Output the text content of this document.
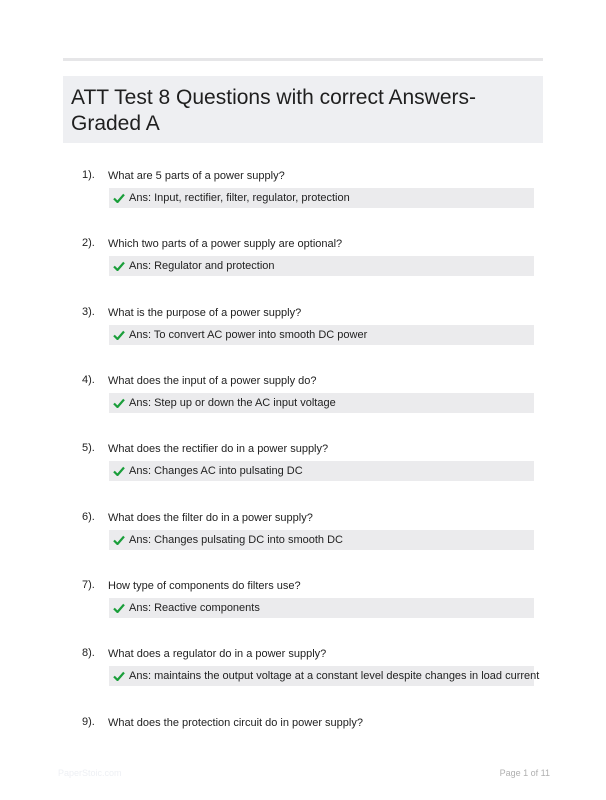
ATT Test 8 Questions with correct Answers- Graded A
1). What are 5 parts of a power supply?
Ans: Input, rectifier, filter, regulator, protection
2). Which two parts of a power supply are optional?
Ans: Regulator and protection
3). What is the purpose of a power supply?
Ans: To convert AC power into smooth DC power
4). What does the input of a power supply do?
Ans: Step up or down the AC input voltage
5). What does the rectifier do in a power supply?
Ans: Changes AC into pulsating DC
6). What does the filter do in a power supply?
Ans: Changes pulsating DC into smooth DC
7). How type of components do filters use?
Ans: Reactive components
8). What does a regulator do in a power supply?
Ans: maintains the output voltage at a constant level despite changes in load current
9). What does the protection circuit do in power supply?
PaperStoic.com	Page 1 of 11
